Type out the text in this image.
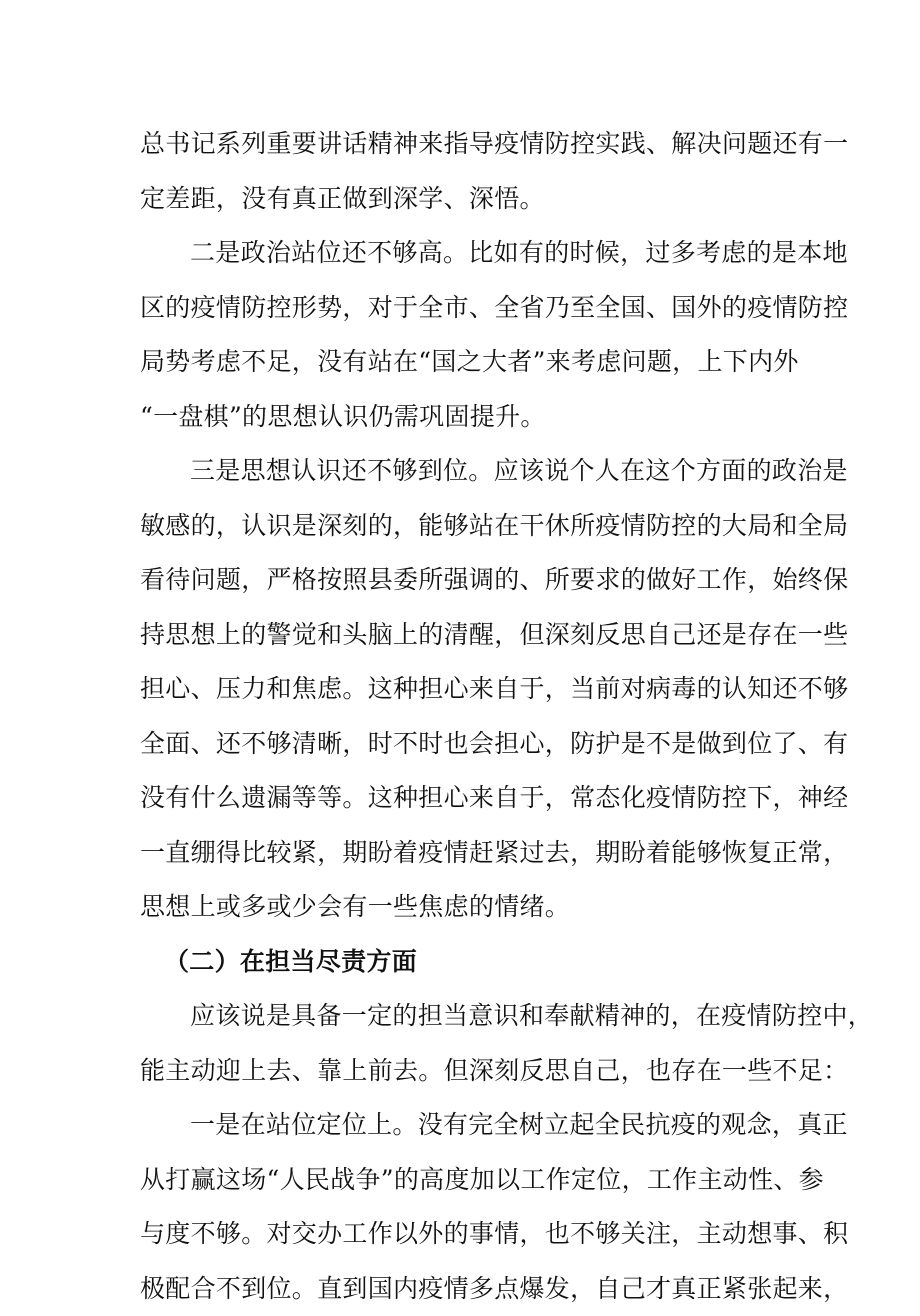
总书记系列重要讲话精神来指导疫情防控实践、解决问题还有一
定差距，没有真正做到深学、深悟。
二是政治站位还不够高。比如有的时候，过多考虑的是本地
区的疫情防控形势，对于全市、全省乃至全国、国外的疫情防控
局势考虑不足，没有站在“国之大者”来考虑问题，上下内外
“一盘棋”的思想认识仍需巩固提升。
三是思想认识还不够到位。应该说个人在这个方面的政治是
敏感的，认识是深刻的，能够站在干休所疫情防控的大局和全局
看待问题，严格按照县委所强调的、所要求的做好工作，始终保
持思想上的警觉和头脑上的清醒，但深刻反思自己还是存在一些
担心、压力和焦虑。这种担心来自于，当前对病毒的认知还不够
全面、还不够清晰，时不时也会担心，防护是不是做到位了、有
没有什么遗漏等等。这种担心来自于，常态化疫情防控下，神经
一直绷得比较紧，期盼着疫情赶紧过去，期盼着能够恢复正常，
思想上或多或少会有一些焦虑的情绪。
（二）在担当尽责方面
应该说是具备一定的担当意识和奉献精神的，在疫情防控中，
能主动迎上去、靠上前去。但深刻反思自己，也存在一些不足：
一是在站位定位上。没有完全树立起全民抗疫的观念，真正
从打赢这场“人民战争”的高度加以工作定位，工作主动性、参
与度不够。对交办工作以外的事情，也不够关注，主动想事、积
极配合不到位。直到国内疫情多点爆发，自己才真正紧张起来，
